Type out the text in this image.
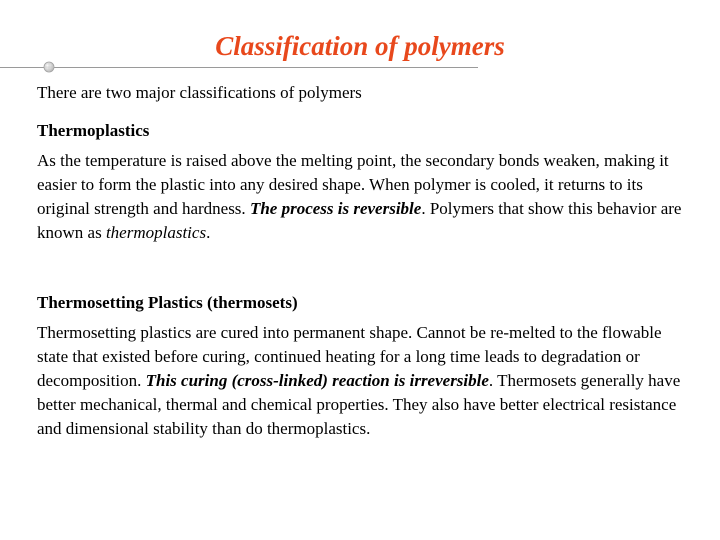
Classification of polymers

There are two major classifications of polymers

Thermoplastics

As the temperature is raised above the melting point, the secondary bonds weaken, making it easier to form the plastic into any desired shape. When polymer is cooled, it returns to its original strength and hardness. The process is reversible. Polymers that show this behavior are known as thermoplastics.

Thermosetting Plastics (thermosets)

Thermosetting plastics are cured into permanent shape. Cannot be re-melted to the flowable state that existed before curing, continued heating for a long time leads to degradation or decomposition. This curing (cross-linked) reaction is irreversible. Thermosets generally have better mechanical, thermal and chemical properties. They also have better electrical resistance and dimensional stability than do thermoplastics.
